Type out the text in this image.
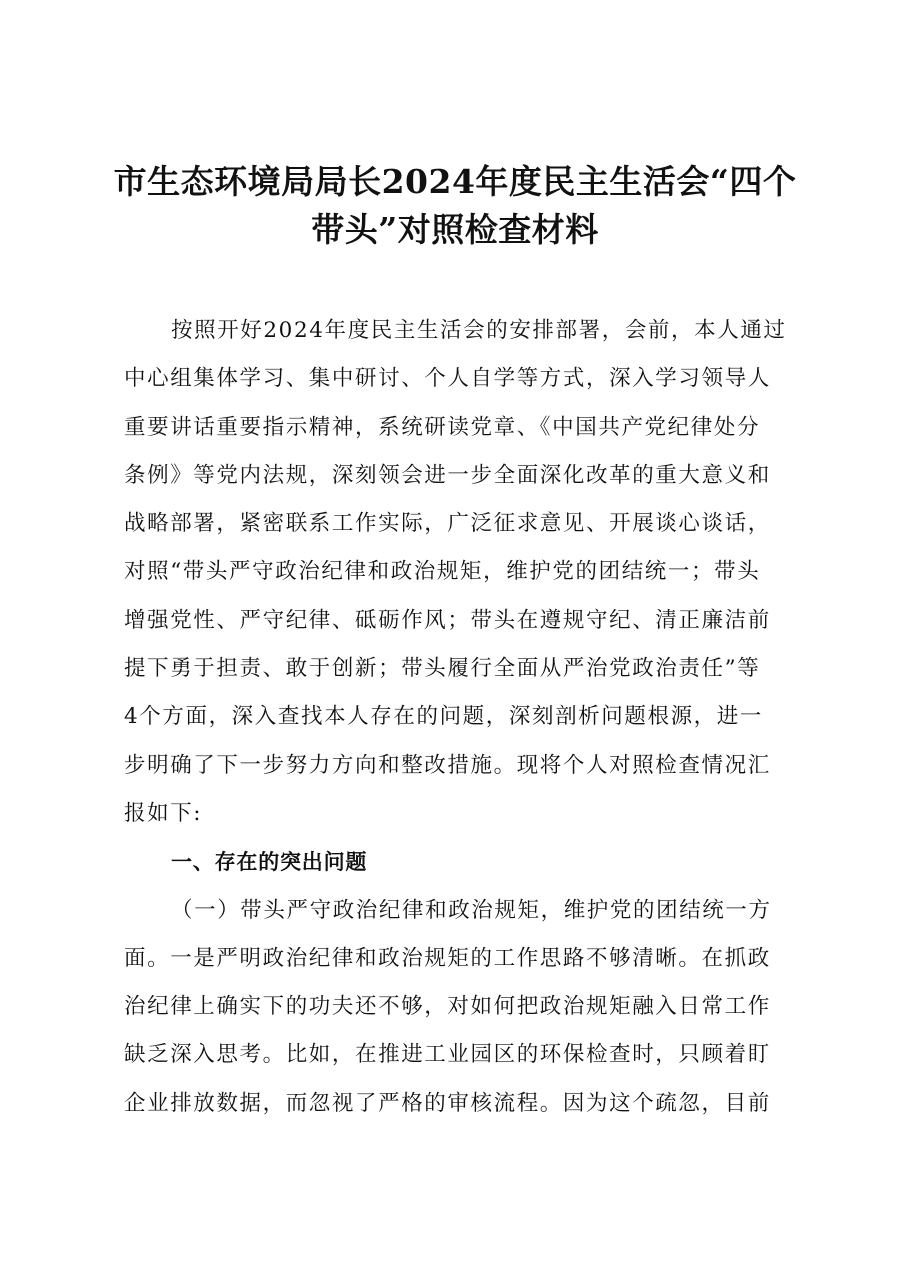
市生态环境局局长2024年度民主生活会“四个
带头”对照检查材料
按照开好2024年度民主生活会的安排部署，会前，本人通过
中心组集体学习、集中研讨、个人自学等方式，深入学习领导人
重要讲话重要指示精神，系统研读党章、《中国共产党纪律处分
条例》等党内法规，深刻领会进一步全面深化改革的重大意义和
战略部署，紧密联系工作实际，广泛征求意见、开展谈心谈话，
对照“带头严守政治纪律和政治规矩，维护党的团结统一；带头
增强党性、严守纪律、砥砺作风；带头在遵规守纪、清正廉洁前
提下勇于担责、敢于创新；带头履行全面从严治党政治责任”等
4个方面，深入查找本人存在的问题，深刻剖析问题根源，进一
步明确了下一步努力方向和整改措施。现将个人对照检查情况汇
报如下:
一、存在的突出问题
（一）带头严守政治纪律和政治规矩，维护党的团结统一方
面。一是严明政治纪律和政治规矩的工作思路不够清晰。在抓政
治纪律上确实下的功夫还不够，对如何把政治规矩融入日常工作
缺乏深入思考。比如，在推进工业园区的环保检查时，只顾着盯
企业排放数据，而忽视了严格的审核流程。因为这个疏忽，目前
